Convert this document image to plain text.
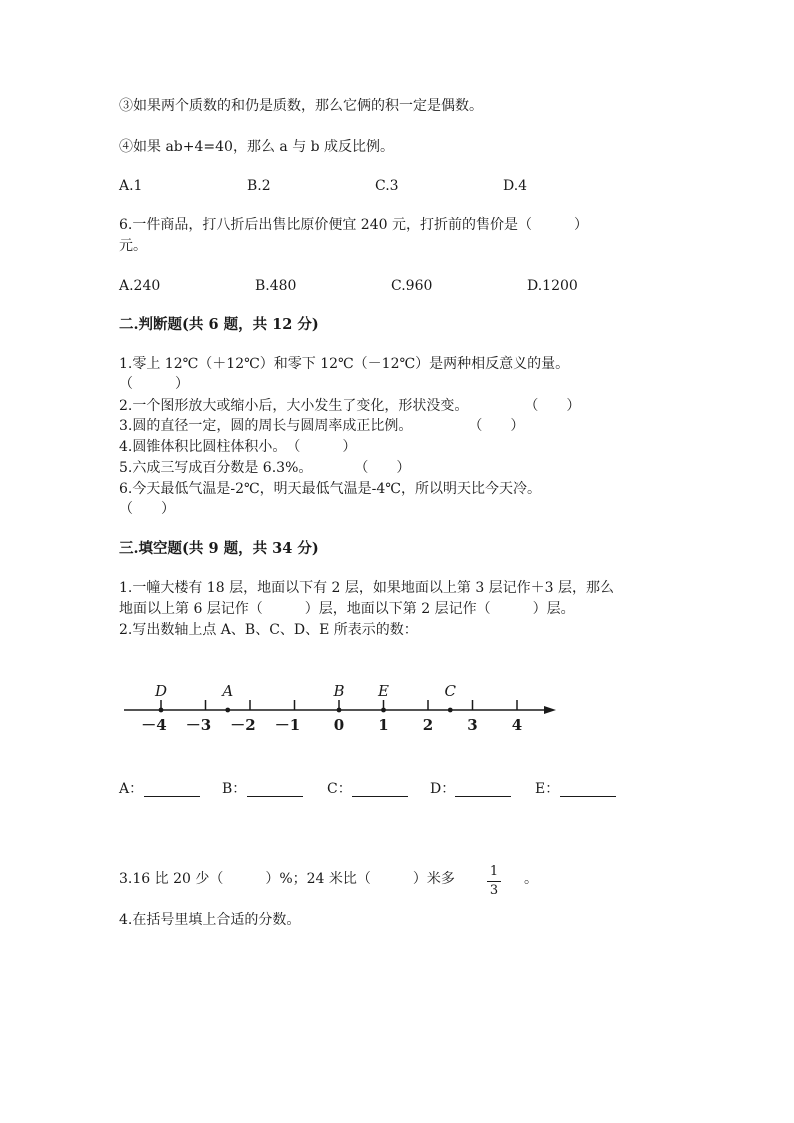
③如果两个质数的和仍是质数，那么它俩的积一定是偶数。
④如果 ab+4=40，那么 a 与 b 成反比例。
A.1	B.2	C.3	D.4
6.一件商品，打八折后出售比原价便宜 240 元，打折前的售价是（　　　）
元。
A.240	B.480	C.960	D.1200
二.判断题(共 6 题，共 12 分)
1.零上 12℃（＋12℃）和零下 12℃（－12℃）是两种相反意义的量。
（　　　）
2.一个图形放大或缩小后，大小发生了变化，形状没变。　　　　　（　　）
3.圆的直径一定，圆的周长与圆周率成正比例。　　　　　（　　）
4.圆锥体积比圆柱体积小。　（　　　）
5.六成三写成百分数是 6.3%。　　　　（　　）
6.今天最低气温是-2℃，明天最低气温是-4℃，所以明天比今天冷。
（　　）
三.填空题(共 9 题，共 34 分)
1.一幢大楼有 18 层，地面以下有 2 层，如果地面以上第 3 层记作＋3 层，那么
地面以上第 6 层记作（　　　）层，地面以下第 2 层记作（　　　）层。
2.写出数轴上点 A、B、C、D、E 所表示的数：
－4 －3 －2 －1 0 1 2 3 4
D	A	B E	C
A：	B：	C：	D：	E：
3.16 比 20 少（　　　）%；24 米比（　　　）米多	1
3
。
4.在括号里填上合适的分数。
